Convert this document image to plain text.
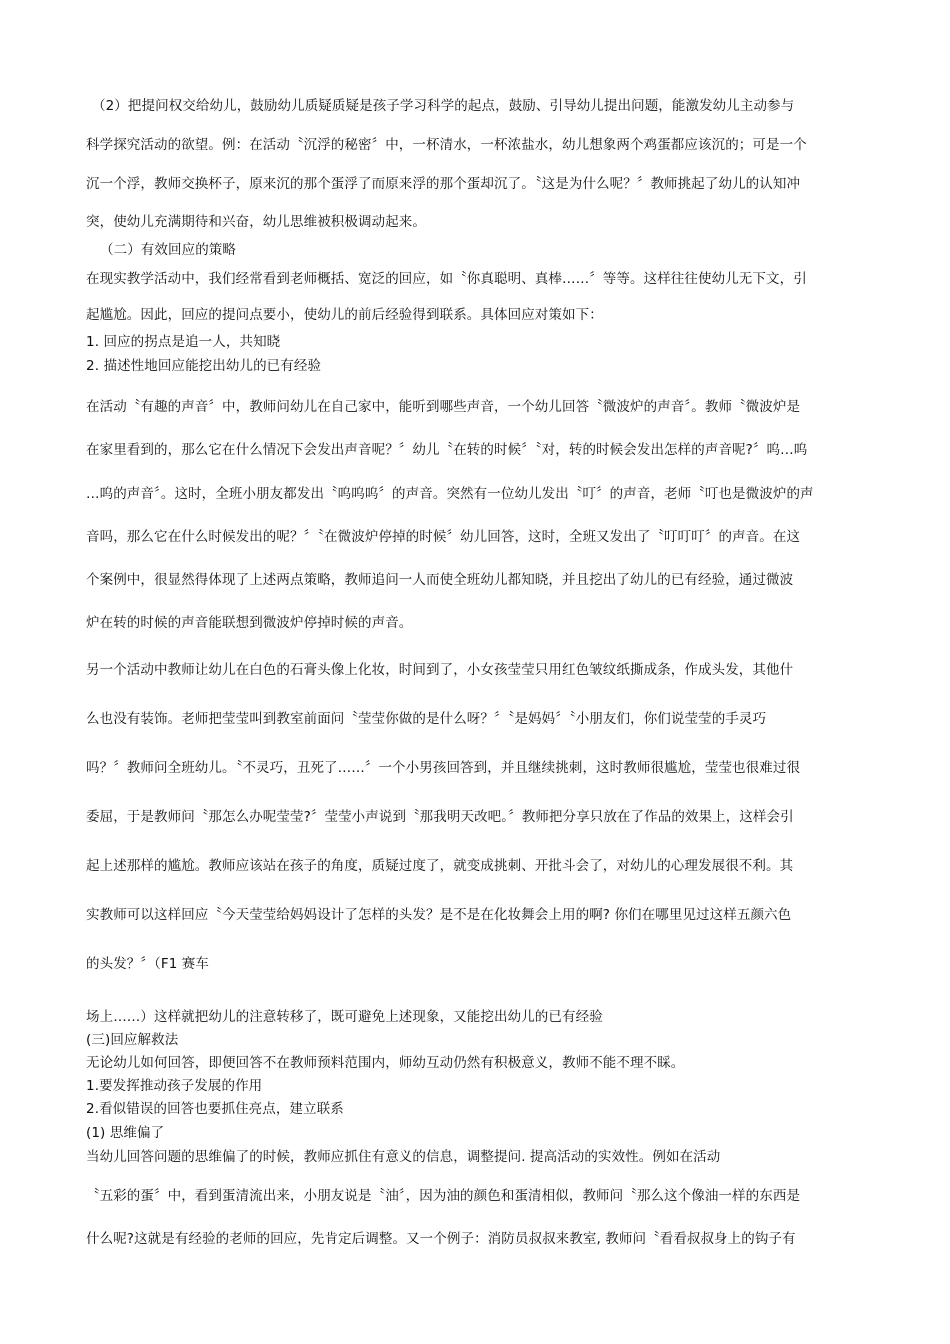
（2）把提问权交给幼儿，鼓励幼儿质疑质疑是孩子学习科学的起点，鼓励、引导幼儿提出问题，能激发幼儿主动参与
科学探究活动的欲望。例：在活动〝沉浮的秘密〞中，一杯清水，一杯浓盐水，幼儿想象两个鸡蛋都应该沉的；可是一个
沉一个浮，教师交换杯子，原来沉的那个蛋浮了而原来浮的那个蛋却沉了。〝这是为什么呢？〞教师挑起了幼儿的认知冲
突，使幼儿充满期待和兴奋，幼儿思维被积极调动起来。
（二）有效回应的策略
在现实教学活动中，我们经常看到老师概括、宽泛的回应，如〝你真聪明、真棒……〞等等。这样往往使幼儿无下文，引
起尴尬。因此，回应的提问点要小，使幼儿的前后经验得到联系。具体回应对策如下：
1. 回应的拐点是追一人，共知晓
2. 描述性地回应能挖出幼儿的已有经验
在活动〝有趣的声音〞中，教师问幼儿在自己家中，能听到哪些声音，一个幼儿回答〝微波炉的声音〞。教师〝微波炉是
在家里看到的，那么它在什么情况下会发出声音呢？〞幼儿〝在转的时候〞〝对，转的时候会发出怎样的声音呢?〞呜…呜
…呜的声音〞。这时，全班小朋友都发出〝呜呜呜〞的声音。突然有一位幼儿发出〝叮〞的声音，老师〝叮也是微波炉的声
音吗，那么它在什么时候发出的呢？〞〝在微波炉停掉的时候〞幼儿回答，这时，全班又发出了〝叮叮叮〞的声音。在这
个案例中，很显然得体现了上述两点策略，教师追问一人而使全班幼儿都知晓，并且挖出了幼儿的已有经验，通过微波
炉在转的时候的声音能联想到微波炉停掉时候的声音。
另一个活动中教师让幼儿在白色的石膏头像上化妆，时间到了，小女孩莹莹只用红色皱纹纸撕成条，作成头发，其他什
么也没有装饰。老师把莹莹叫到教室前面问〝莹莹你做的是什么呀？〞〝是妈妈〞〝小朋友们，你们说莹莹的手灵巧
吗？〞教师问全班幼儿。〝不灵巧，丑死了……〞一个小男孩回答到，并且继续挑刺，这时教师很尴尬，莹莹也很难过很
委屈，于是教师问〝那怎么办呢莹莹?〞莹莹小声说到〝那我明天改吧。〞教师把分享只放在了作品的效果上，这样会引
起上述那样的尴尬。教师应该站在孩子的角度，质疑过度了，就变成挑刺、开批斗会了，对幼儿的心理发展很不利。其
实教师可以这样回应〝今天莹莹给妈妈设计了怎样的头发？是不是在化妆舞会上用的啊? 你们在哪里见过这样五颜六色
的头发？〞（F1 赛车
场上……）这样就把幼儿的注意转移了，既可避免上述现象，又能挖出幼儿的已有经验
(三)回应解救法
无论幼儿如何回答，即便回答不在教师预料范围内，师幼互动仍然有积极意义，教师不能不理不睬。
1.要发挥推动孩子发展的作用
2.看似错误的回答也要抓住亮点，建立联系
(1) 思维偏了
当幼儿回答问题的思维偏了的时候，教师应抓住有意义的信息，调整提问. 提高活动的实效性。例如在活动
〝五彩的蛋〞中，看到蛋清流出来，小朋友说是〝油〞，因为油的颜色和蛋清相似，教师问〝那么这个像油一样的东西是
什么呢?这就是有经验的老师的回应，先肯定后调整。又一个例子：消防员叔叔来教室, 教师问〝看看叔叔身上的钩子有
